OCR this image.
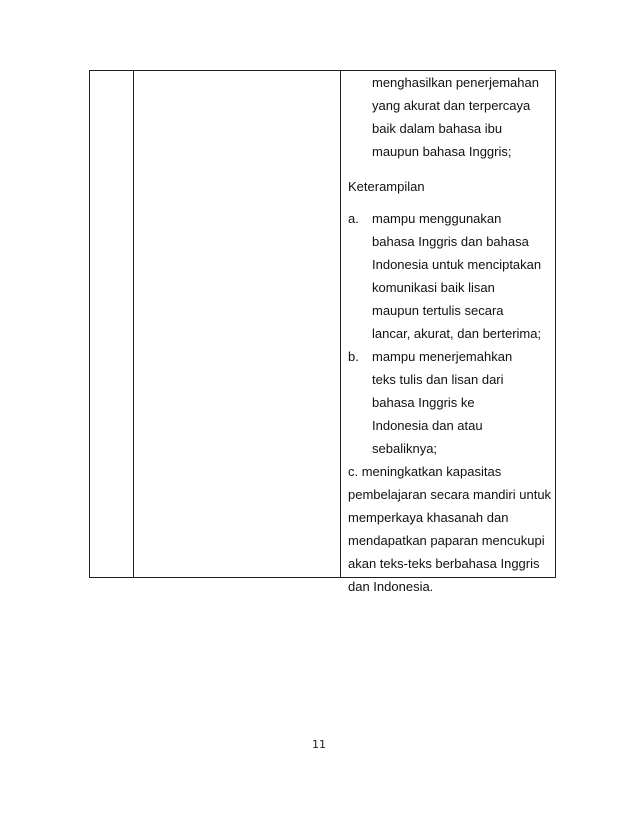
menghasilkan penerjemahan
yang akurat dan terpercaya
baik dalam bahasa ibu
maupun bahasa Inggris;
Keterampilan
a.	mampu menggunakan
bahasa Inggris dan bahasa
Indonesia untuk menciptakan
komunikasi baik lisan
maupun tertulis secara
lancar, akurat, dan berterima;
b.	mampu menerjemahkan
teks tulis dan lisan dari
bahasa Inggris ke
Indonesia dan atau
sebaliknya;
c. meningkatkan kapasitas
pembelajaran secara mandiri untuk
memperkaya khasanah dan
mendapatkan paparan mencukupi
akan teks-teks berbahasa Inggris
dan Indonesia.
11
